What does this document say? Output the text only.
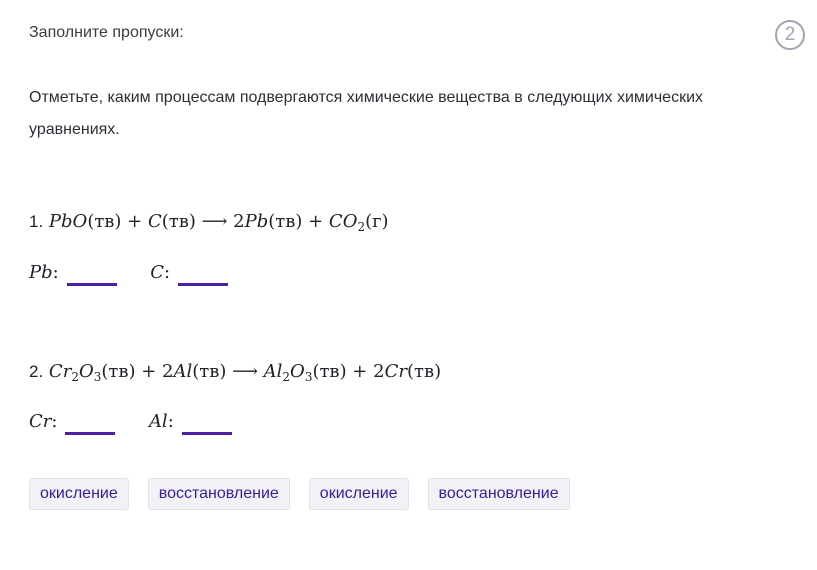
Заполните пропуски:	2
Отметьте, каким процессам подвергаются химические вещества в следующих химических уравнениях.
1. PbO(тв) + C(тв) ⟶ $2Pb(тв) + CO_2(г)$
Pb:	C:
2. $Cr_2O_3(тв) + 2Al(тв)$ ⟶ $Al_2O_3(тв) + 2Cr(тв)$
Cr:	Al:
окисление	восстановление	окисление	восстановление
